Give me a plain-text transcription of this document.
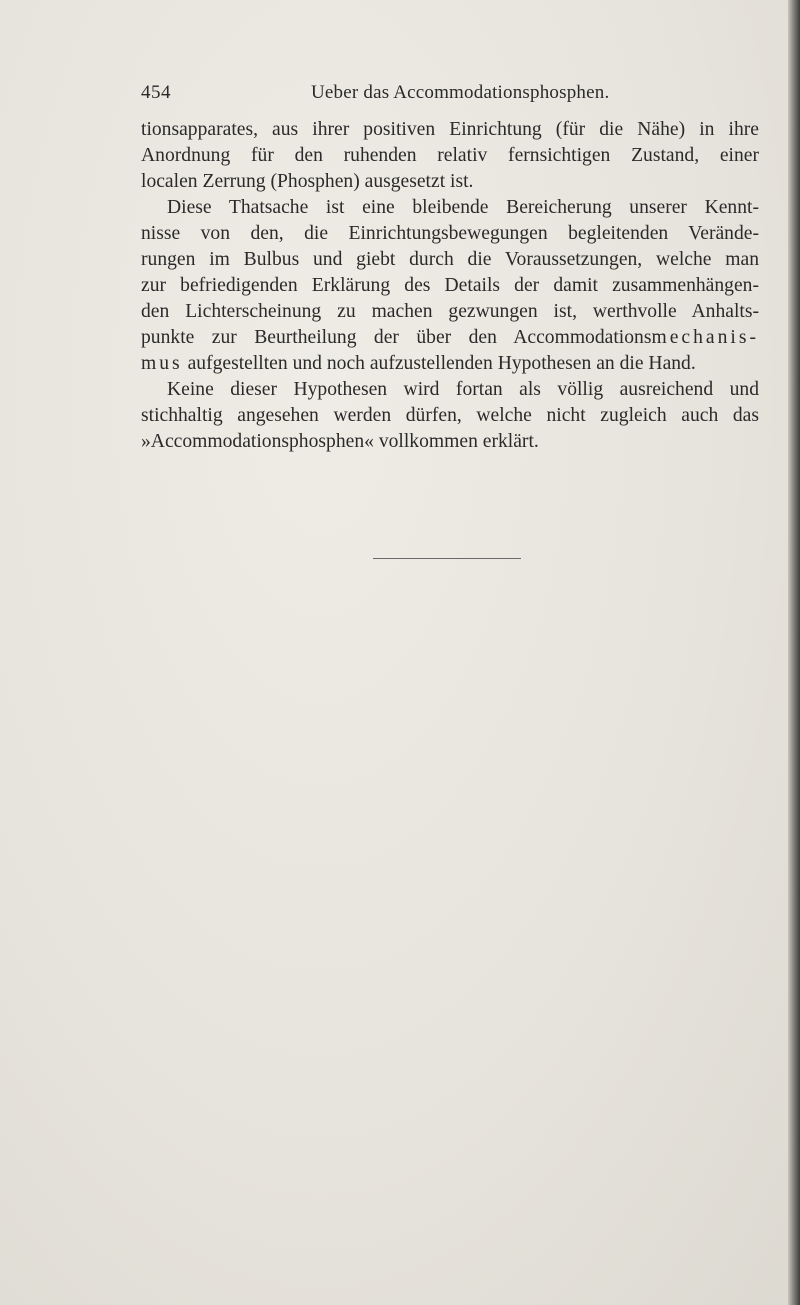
454	Ueber das Accommodationsphosphen.
tionsapparates, aus ihrer positiven Einrichtung (für die Nähe) in ihre
Anordnung für den ruhenden relativ fernsichtigen Zustand, einer
localen Zerrung (Phosphen) ausgesetzt ist.
Diese Thatsache ist eine bleibende Bereicherung unserer Kennt-
nisse von den, die Einrichtungsbewegungen begleitenden Verände-
rungen im Bulbus und giebt durch die Voraussetzungen, welche man
zur befriedigenden Erklärung des Details der damit zusammenhängen-
den Lichterscheinung zu machen gezwungen ist, werthvolle Anhalts-
punkte zur Beurtheilung der über den Accommodationsmechanis-
mus aufgestellten und noch aufzustellenden Hypothesen an die Hand.
Keine dieser Hypothesen wird fortan als völlig ausreichend und
stichhaltig angesehen werden dürfen, welche nicht zugleich auch das
»Accommodationsphosphen« vollkommen erklärt.
